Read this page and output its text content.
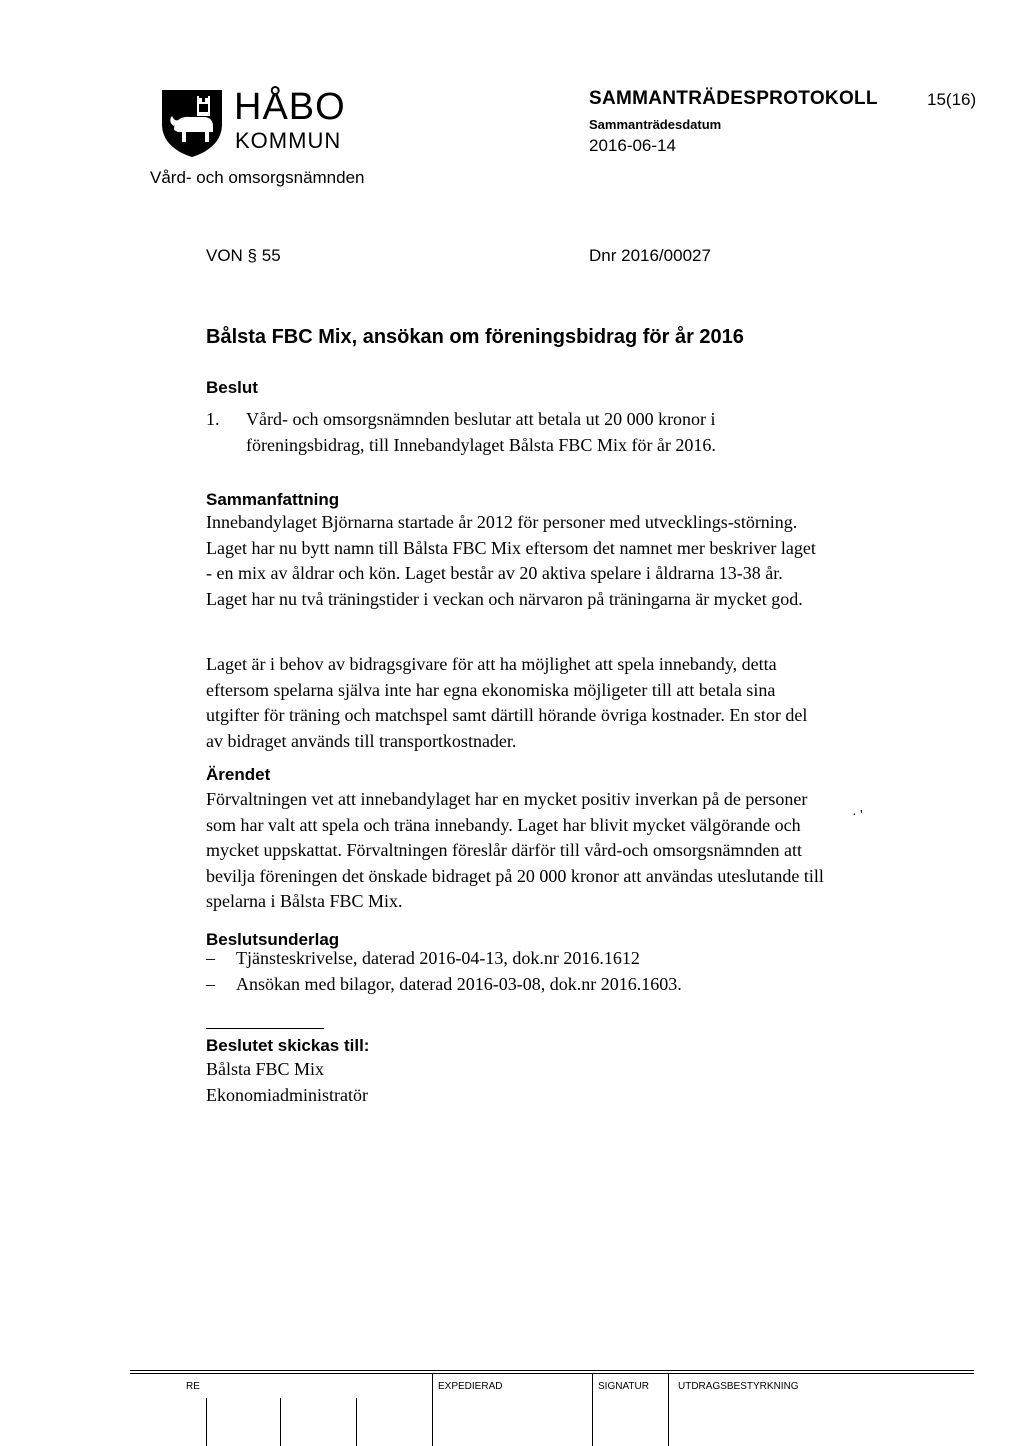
HÅBO
KOMMUN
Vård- och omsorgsnämnden
SAMMANTRÄDESPROTOKOLL	15(16)
Sammanträdesdatum
2016-06-14
VON § 55	Dnr 2016/00027
Bålsta FBC Mix, ansökan om föreningsbidrag för år 2016
Beslut
1. Vård- och omsorgsnämnden beslutar att betala ut 20 000 kronor i föreningsbidrag, till Innebandylaget Bålsta FBC Mix för år 2016.
Sammanfattning
Innebandylaget Björnarna startade år 2012 för personer med utvecklings-störning. Laget har nu bytt namn till Bålsta FBC Mix eftersom det namnet mer beskriver laget - en mix av åldrar och kön. Laget består av 20 aktiva spelare i åldrarna 13-38 år. Laget har nu två träningstider i veckan och närvaron på träningarna är mycket god.
Laget är i behov av bidragsgivare för att ha möjlighet att spela innebandy, detta eftersom spelarna själva inte har egna ekonomiska möjligeter till att betala sina utgifter för träning och matchspel samt därtill hörande övriga kostnader. En stor del av bidraget används till transportkostnader.
Ärendet
Förvaltningen vet att innebandylaget har en mycket positiv inverkan på de personer som har valt att spela och träna innebandy. Laget har blivit mycket välgörande och mycket uppskattat. Förvaltningen föreslår därför till vård-och omsorgsnämnden att bevilja föreningen det önskade bidraget på 20 000 kronor att användas uteslutande till spelarna i Bålsta FBC Mix.
· '
Beslutsunderlag
– Tjänsteskrivelse, daterad 2016-04-13, dok.nr 2016.1612
– Ansökan med bilagor, daterad 2016-03-08, dok.nr 2016.1603.
Beslutet skickas till:
Bålsta FBC Mix
Ekonomiadministratör
RE	EXPEDIERAD	SIGNATUR	UTDRAGSBESTYRKNING
